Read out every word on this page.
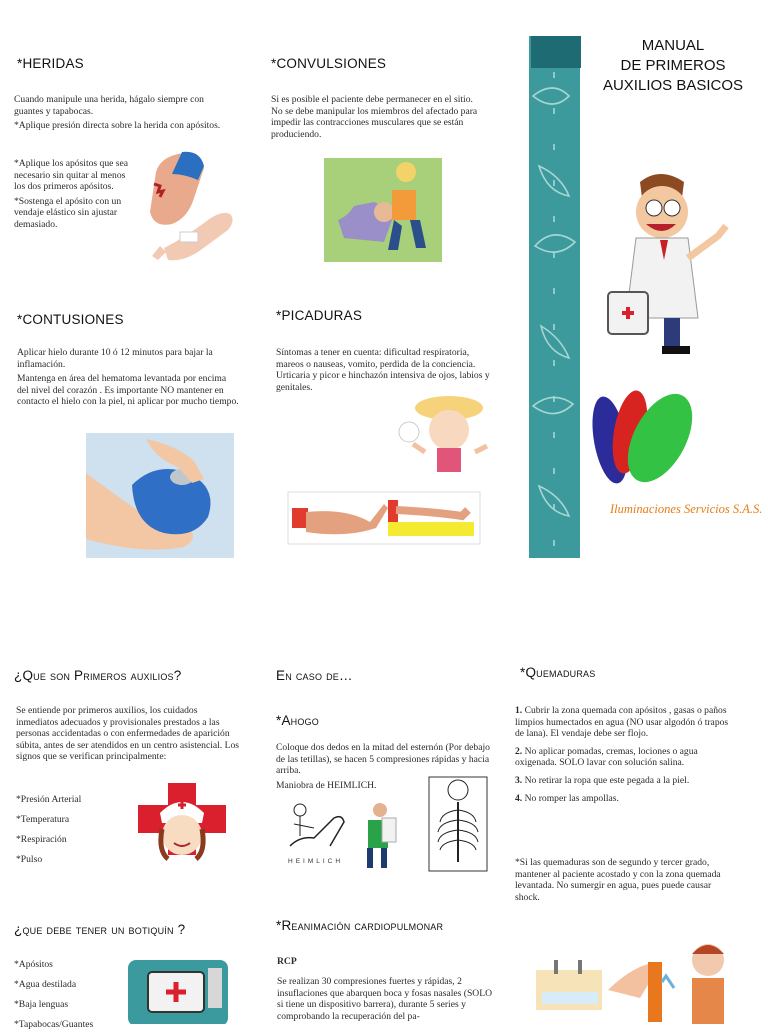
*HERIDAS

Cuando manipule una herida, hágalo siempre con guantes y tapabocas.

*Aplique presión directa sobre la herida con apósitos.

*Aplique los apósitos que sea necesario sin quitar al menos los dos primeros apósitos.

*Sostenga el apósito con un vendaje elástico sin ajustar demasiado.

*CONVULSIONES

Si es posible el paciente debe permanecer en el sitio. No se debe manipular los miembros del afectado para impedir las contracciones musculares que se están produciendo.

*CONTUSIONES

Aplicar hielo durante 10 ó 12 minutos para bajar la inflamación.

Mantenga en área del hematoma levantada por encima del nivel del corazón . Es importante NO mantener en contacto el hielo con la piel, ni aplicar por mucho tiempo.

*PICADURAS

Síntomas a tener en cuenta: dificultad respiratoria, mareos o nauseas, vomito, perdida de la conciencia. Urticaria y picor e hinchazón intensiva de ojos, labios y genitales.

MANUAL
DE PRIMEROS
AUXILIOS BASICOS
Iluminaciones Servicios S.A.S.
¿Que son Primeros auxilios?

Se entiende por primeros auxilios, los cuidados inmediatos adecuados y provisionales prestados a las personas accidentadas o con enfermedades de aparición súbita, antes de ser atendidos en un centro asistencial. Los signos que se verifican principalmente:

*Presión Arterial
*Temperatura
*Respiración
*Pulso
¿que debe tener un botiquín ?
*Apósitos
*Agua destilada
*Baja lenguas
*Tapabocas/Guantes
En caso de…
*Ahogo

Coloque dos dedos en la mitad del esternón (Por debajo de las tetillas), se hacen 5 compresiones rápidas y hacia arriba.

Maniobra de HEIMLICH.

HEIMLICH
*Reanimación cardiopulmonar
RCP

Se realizan 30 compresiones fuertes y rápidas, 2 insuflaciones que abarquen boca y fosas nasales (SOLO si tiene un dispositivo barrera), durante 5 series y comprobando la recuperación del pa-

*Quemaduras
1. Cubrir la zona quemada con apósitos , gasas o paños limpios humectados en agua (NO usar algodón ó trapos de lana). El vendaje debe ser flojo.
2. No aplicar pomadas, cremas, lociones o agua oxigenada. SOLO lavar con solución salina.
3. No retirar la ropa que este pegada a la piel.
4. No romper las ampollas.

*Si las quemaduras son de segundo y tercer grado, mantener al paciente acostado y con la zona quemada levantada. No sumergir en agua, pues puede causar shock.
